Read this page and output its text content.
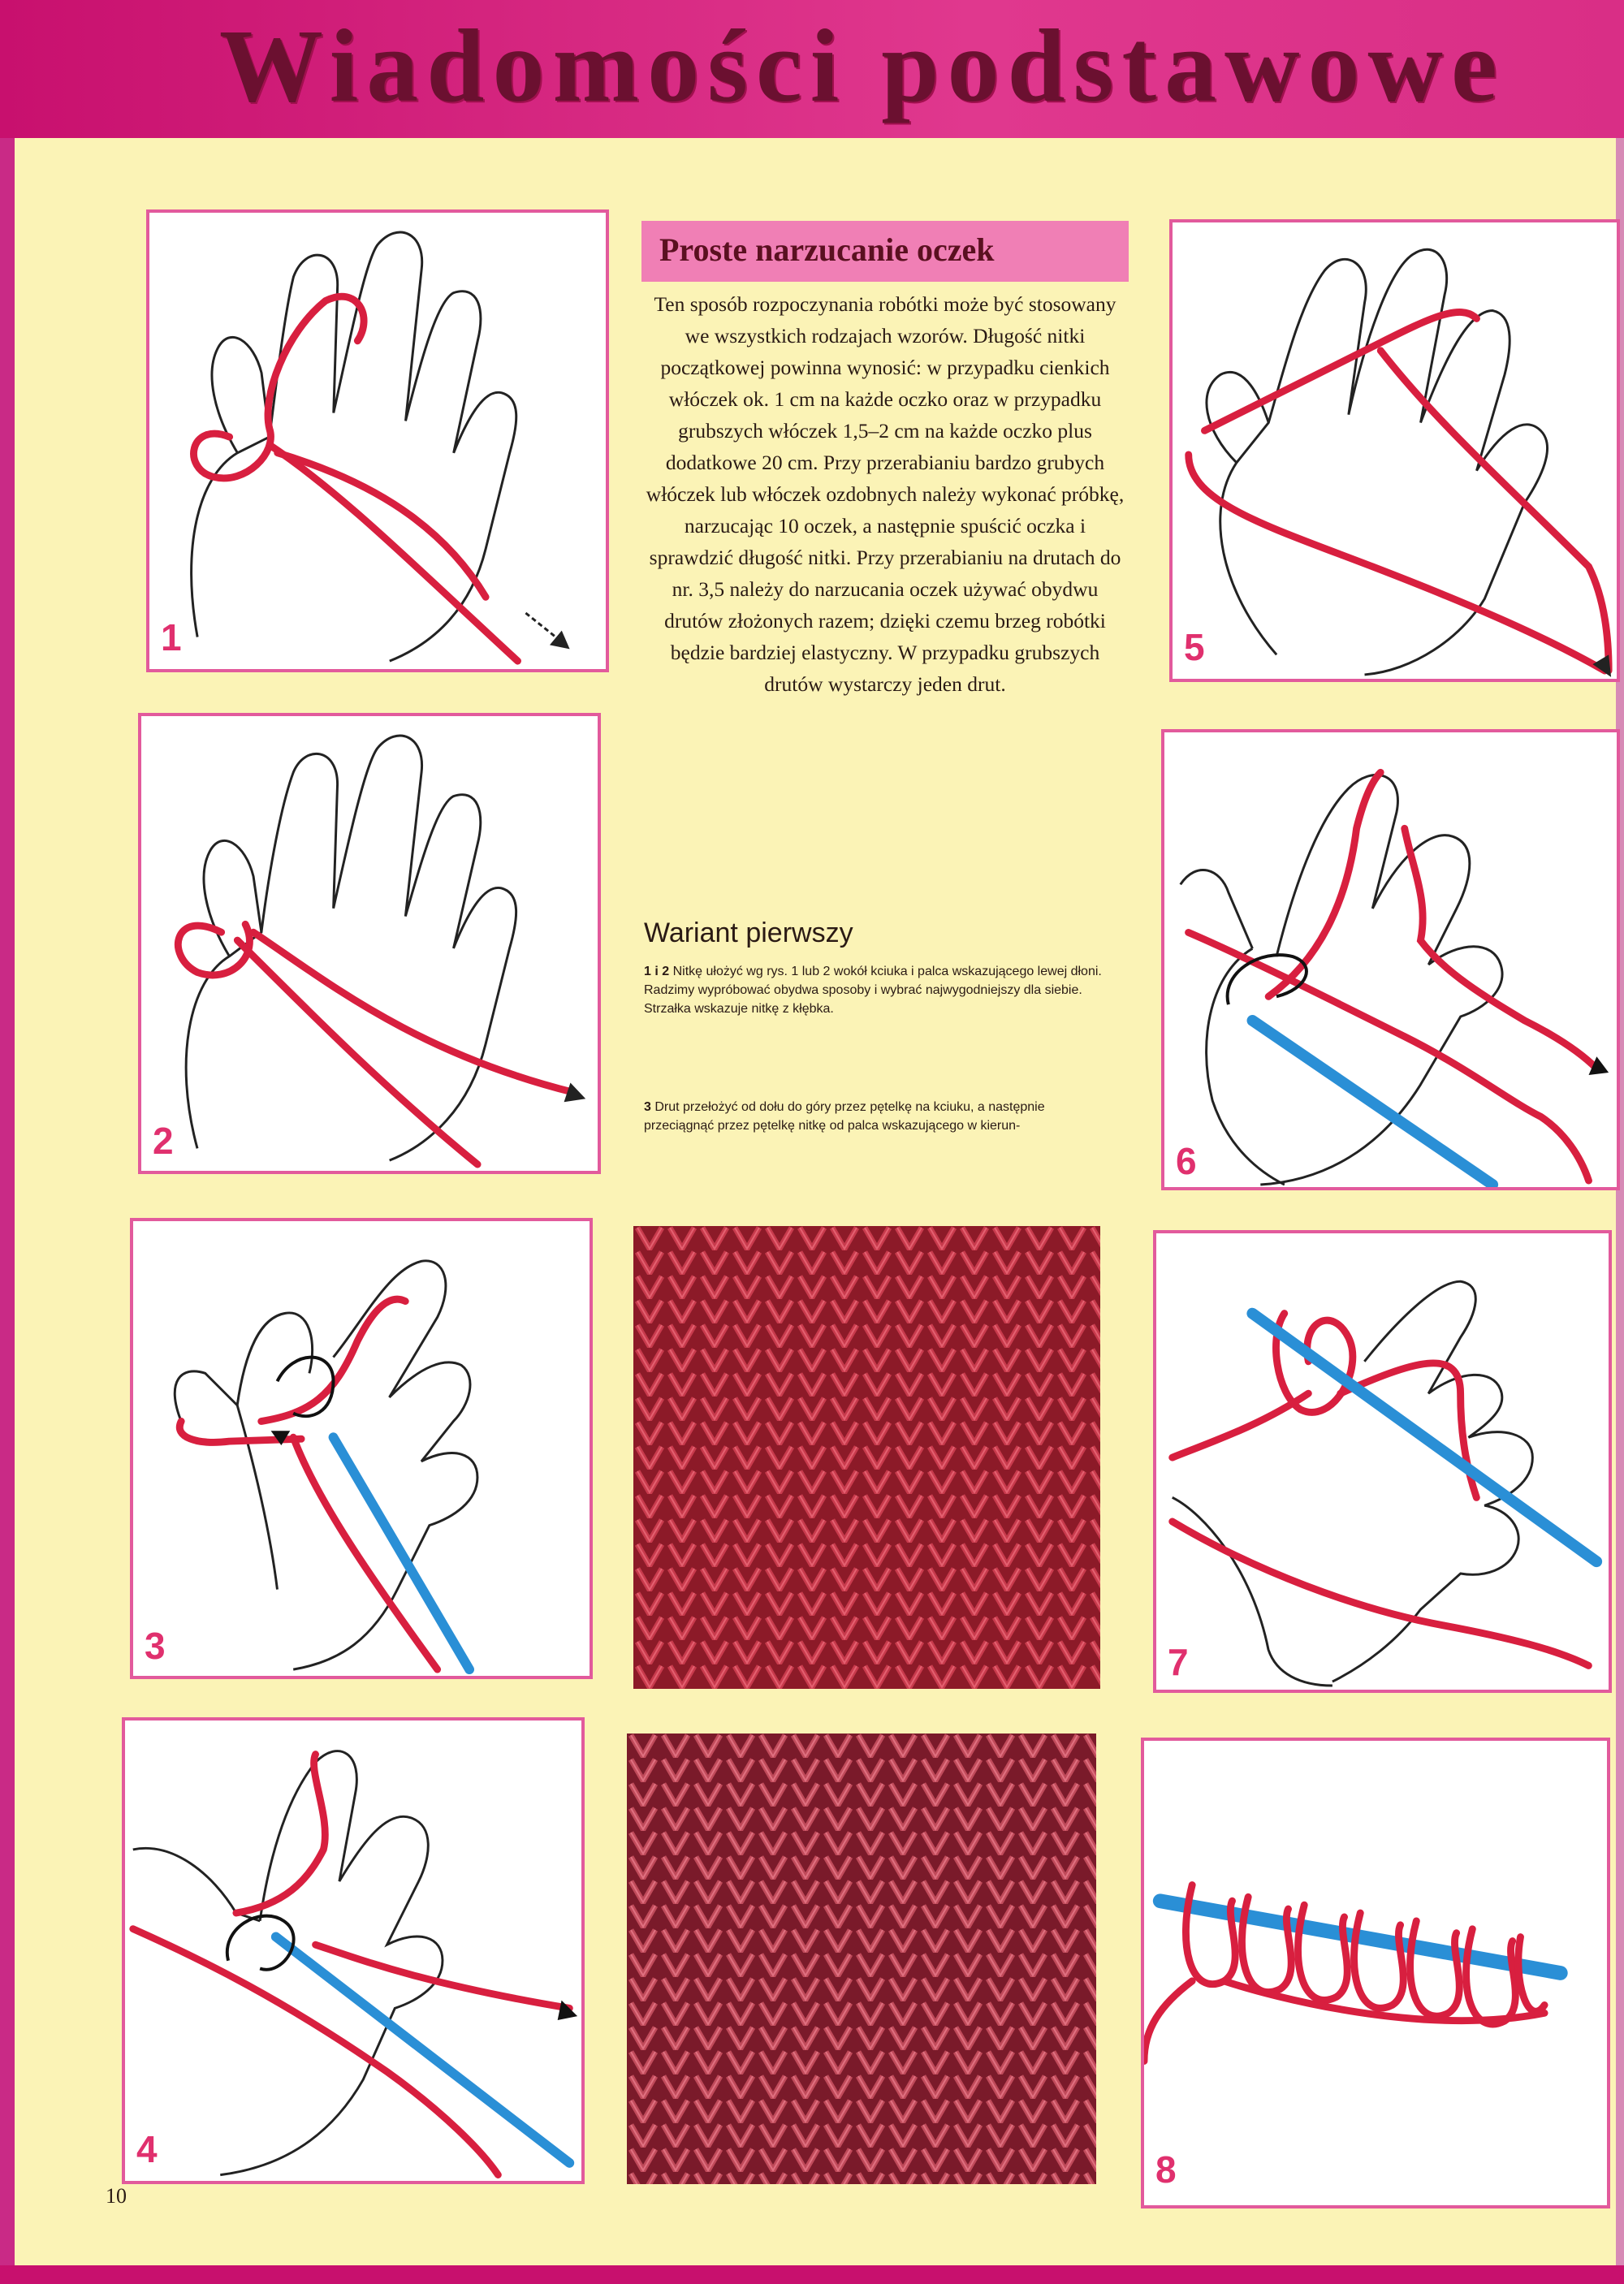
Wiadomości podstawowe
1
2
3
4
5
6
7
8
Proste narzucanie oczek
Ten sposób rozpoczynania robótki może być stosowany we wszystkich rodzajach wzorów. Długość nitki początkowej powinna wynosić: w przypadku cienkich włóczek ok. 1 cm na każde oczko oraz w przypadku grubszych włóczek 1,5–2 cm na każde oczko plus dodatkowe 20 cm. Przy przerabianiu bardzo grubych włóczek lub włóczek ozdobnych należy wykonać próbkę, narzucając 10 oczek, a następnie spuścić oczka i sprawdzić długość nitki. Przy przerabianiu na drutach do nr. 3,5 należy do narzucania oczek używać obydwu drutów złożonych razem; dzięki czemu brzeg robótki będzie bardziej elastyczny. W przypadku grubszych drutów wystarczy jeden drut.
Wariant pierwszy
1 i 2 Nitkę ułożyć wg rys. 1 lub 2 wokół kciuka i palca wskazującego lewej dłoni. Radzimy wypróbować obydwa sposoby i wybrać najwygodniejszy dla siebie. Strzałka wskazuje nitkę z kłębka.
3 Drut przełożyć od dołu do góry przez pętelkę na kciuku, a następnie przeciągnąć przez pętelkę nitkę od palca wskazującego w kierun-
10
